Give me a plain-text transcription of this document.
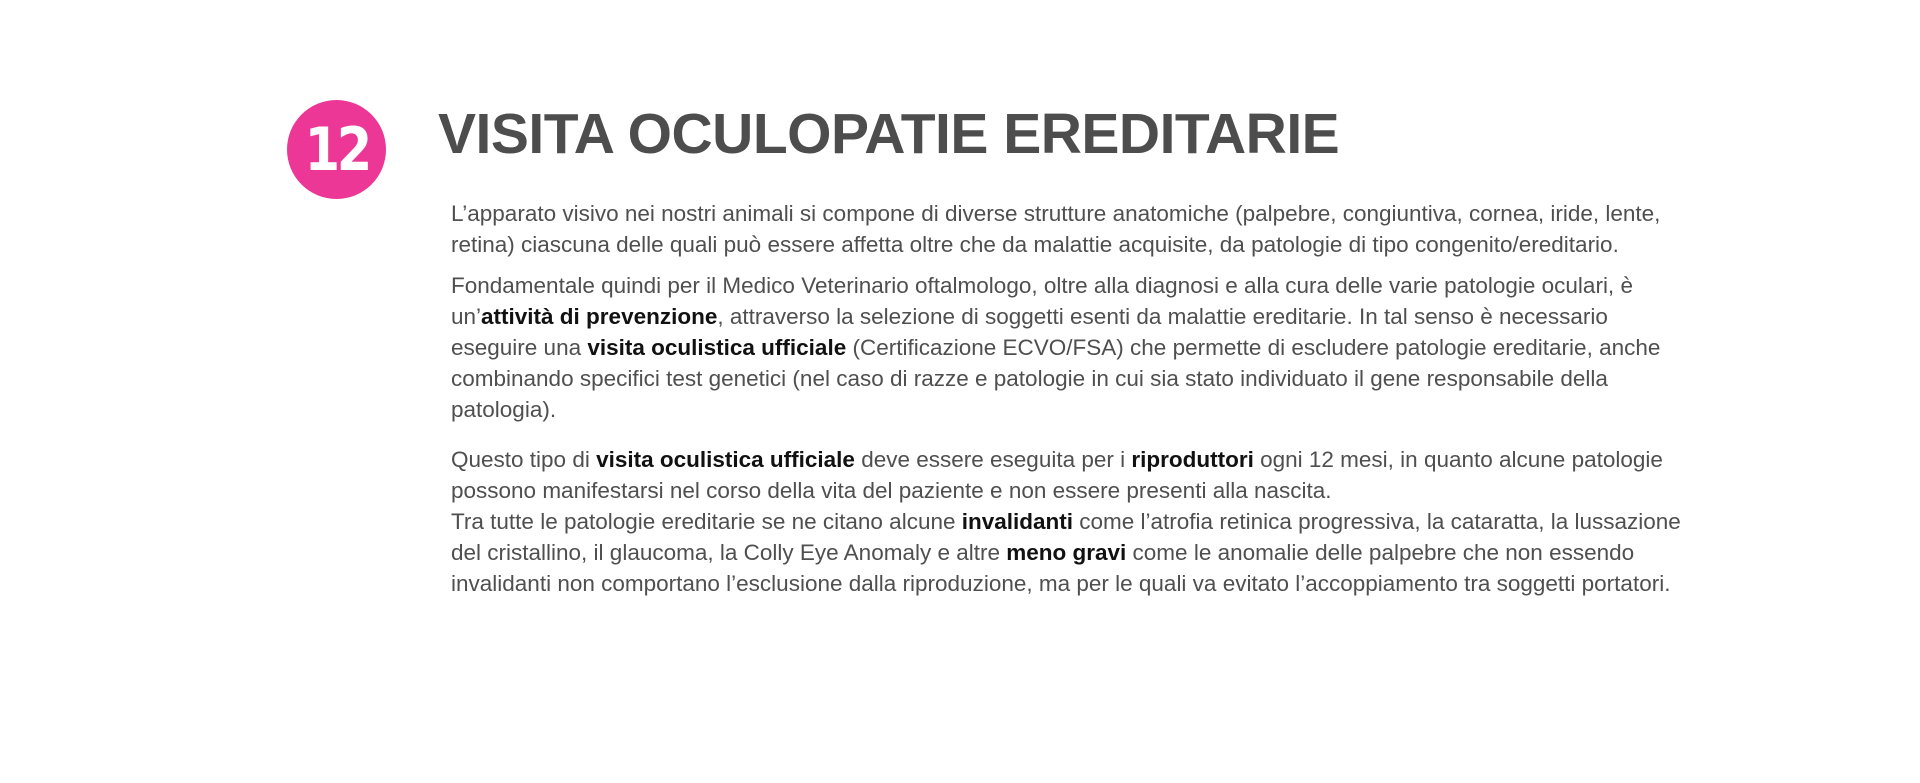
12 VISITA OCULOPATIE EREDITARIE

L’apparato visivo nei nostri animali si compone di diverse strutture anatomiche (palpebre, congiuntiva, cornea, iride, lente, retina) ciascuna delle quali può essere affetta oltre che da malattie acquisite, da patologie di tipo congenito/ereditario.

Fondamentale quindi per il Medico Veterinario oftalmologo, oltre alla diagnosi e alla cura delle varie patologie oculari, è un’attività di prevenzione, attraverso la selezione di soggetti esenti da malattie ereditarie. In tal senso è necessario eseguire una visita oculistica ufficiale (Certificazione ECVO/FSA) che permette di escludere patologie ereditarie, anche combinando specifici test genetici (nel caso di razze e patologie in cui sia stato individuato il gene responsabile della patologia).

Questo tipo di visita oculistica ufficiale deve essere eseguita per i riproduttori ogni 12 mesi, in quanto alcune patologie possono manifestarsi nel corso della vita del paziente e non essere presenti alla nascita.

Tra tutte le patologie ereditarie se ne citano alcune invalidanti come l’atrofia retinica progressiva, la cataratta, la lussazione del cristallino, il glaucoma, la Colly Eye Anomaly e altre meno gravi come le anomalie delle palpebre che non essendo invalidanti non comportano l’esclusione dalla riproduzione, ma per le quali va evitato l’accoppiamento tra soggetti portatori.
